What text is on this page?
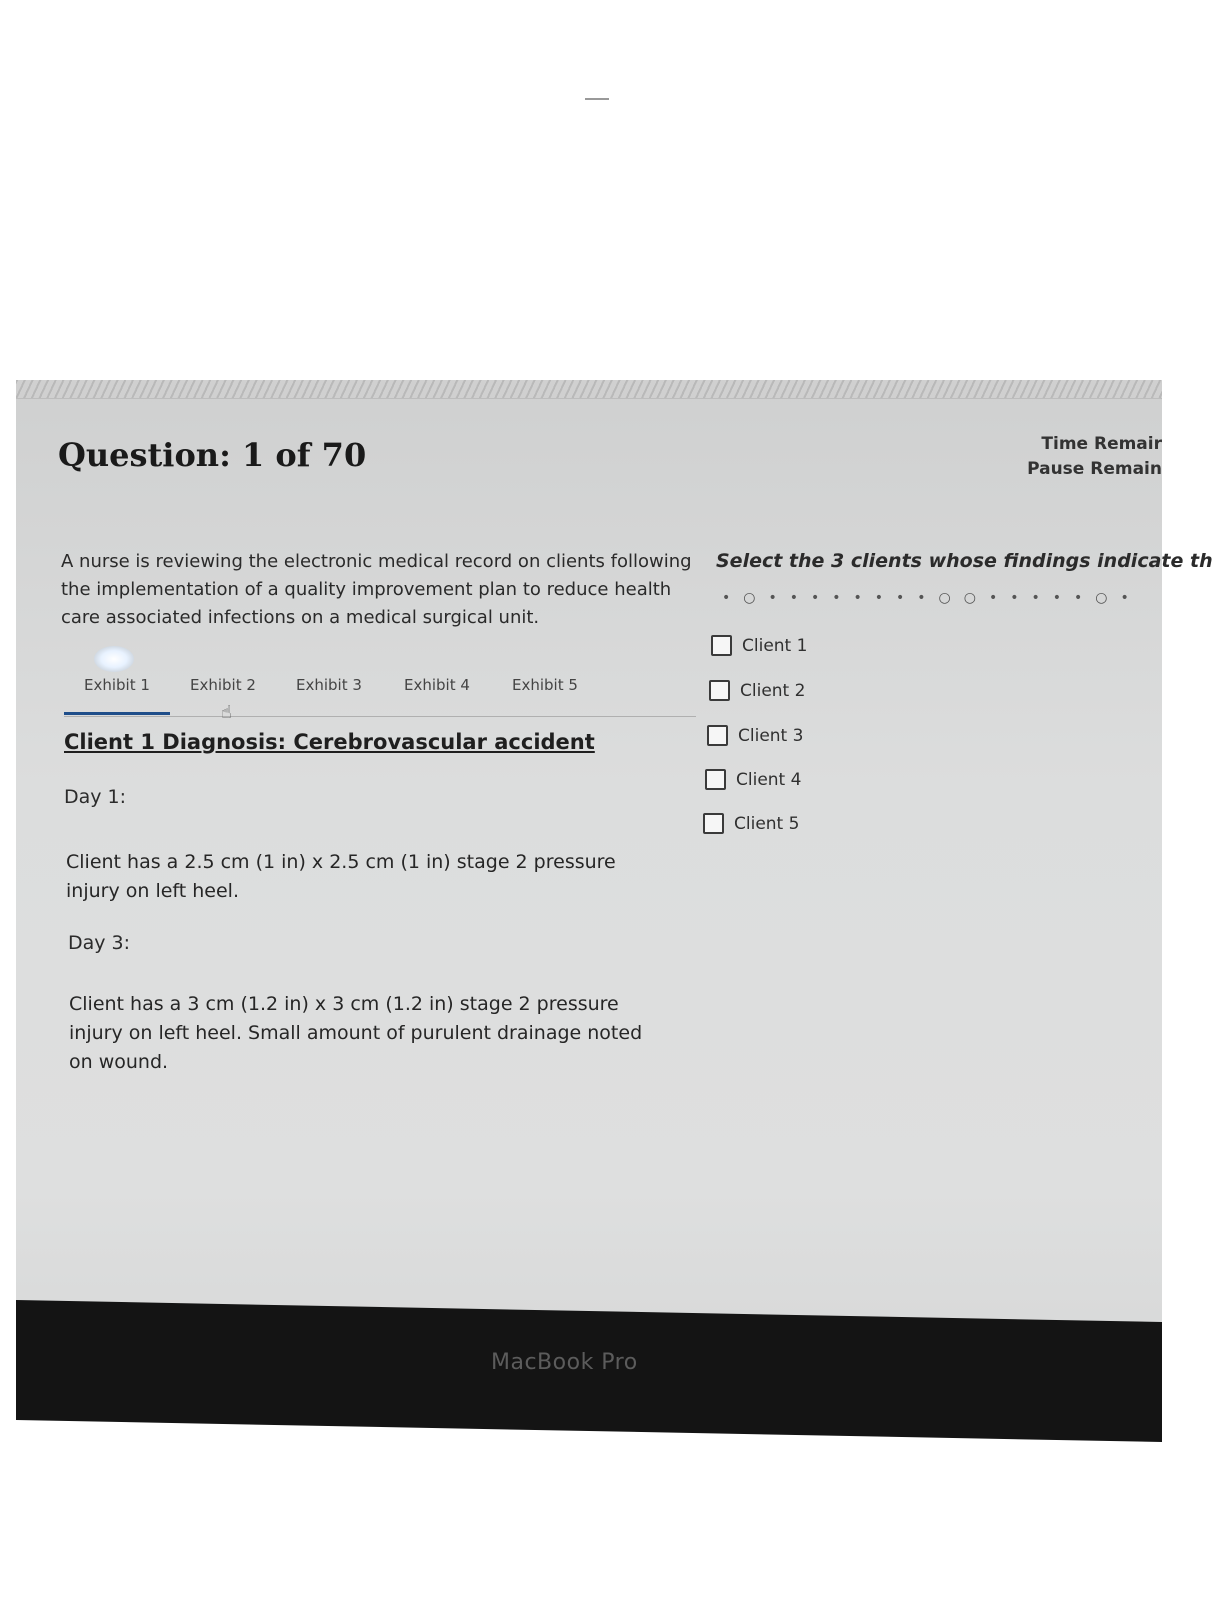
Question: 1 of 70	Time Remair
Pause Remain
A nurse is reviewing the electronic medical record on clients following the implementation of a quality improvement plan to reduce health care associated infections on a medical surgical unit.
Exhibit 1	Exhibit 2	Exhibit 3	Exhibit 4	Exhibit 5
☝
Client 1 Diagnosis: Cerebrovascular accident
Day 1:
Client has a 2.5 cm (1 in) x 2.5 cm (1 in) stage 2 pressure injury on left heel.
Day 3:
Client has a 3 cm (1.2 in) x 3 cm (1.2 in) stage 2 pressure injury on left heel. Small amount of purulent drainage noted on wound.
Select the 3 clients whose findings indicate th
•○••••••••○○•••••○•
Client 1
Client 2
Client 3
Client 4
Client 5
MacBook Pro
